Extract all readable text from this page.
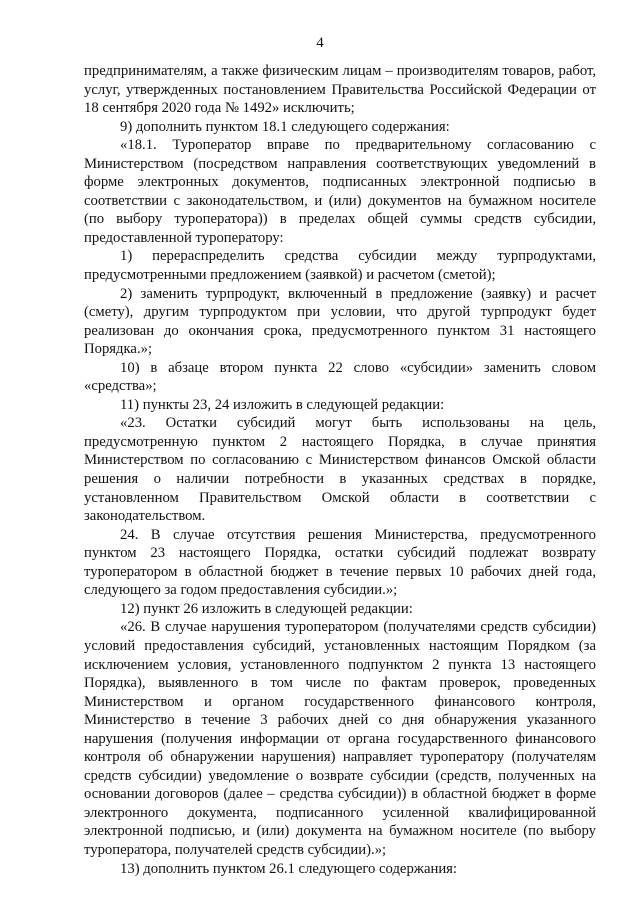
4

предпринимателям, а также физическим лицам – производителям товаров, работ, услуг, утвержденных постановлением Правительства Российской Федерации от 18 сентября 2020 года № 1492» исключить;

9) дополнить пунктом 18.1 следующего содержания:

«18.1. Туроператор вправе по предварительному согласованию с Министерством (посредством направления соответствующих уведомлений в форме электронных документов, подписанных электронной подписью в соответствии с законодательством, и (или) документов на бумажном носителе (по выбору туроператора)) в пределах общей суммы средств субсидии, предоставленной туроператору:

1) перераспределить средства субсидии между турпродуктами, предусмотренными предложением (заявкой) и расчетом (сметой);

2) заменить турпродукт, включенный в предложение (заявку) и расчет (смету), другим турпродуктом при условии, что другой турпродукт будет реализован до окончания срока, предусмотренного пунктом 31 настоящего Порядка.»;

10) в абзаце втором пункта 22 слово «субсидии» заменить словом «средства»;

11) пункты 23, 24 изложить в следующей редакции:

«23. Остатки субсидий могут быть использованы на цель, предусмотренную пунктом 2 настоящего Порядка, в случае принятия Министерством по согласованию с Министерством финансов Омской области решения о наличии потребности в указанных средствах в порядке, установленном Правительством Омской области в соответствии с законодательством.

24. В случае отсутствия решения Министерства, предусмотренного пунктом 23 настоящего Порядка, остатки субсидий подлежат возврату туроператором в областной бюджет в течение первых 10 рабочих дней года, следующего за годом предоставления субсидии.»;

12) пункт 26 изложить в следующей редакции:

«26. В случае нарушения туроператором (получателями средств субсидии) условий предоставления субсидий, установленных настоящим Порядком (за исключением условия, установленного подпунктом 2 пункта 13 настоящего Порядка), выявленного в том числе по фактам проверок, проведенных Министерством и органом государственного финансового контроля, Министерство в течение 3 рабочих дней со дня обнаружения указанного нарушения (получения информации от органа государственного финансового контроля об обнаружении нарушения) направляет туроператору (получателям средств субсидии) уведомление о возврате субсидии (средств, полученных на основании договоров (далее – средства субсидии)) в областной бюджет в форме электронного документа, подписанного усиленной квалифицированной электронной подписью, и (или) документа на бумажном носителе (по выбору туроператора, получателей средств субсидии).»;

13) дополнить пунктом 26.1 следующего содержания:
